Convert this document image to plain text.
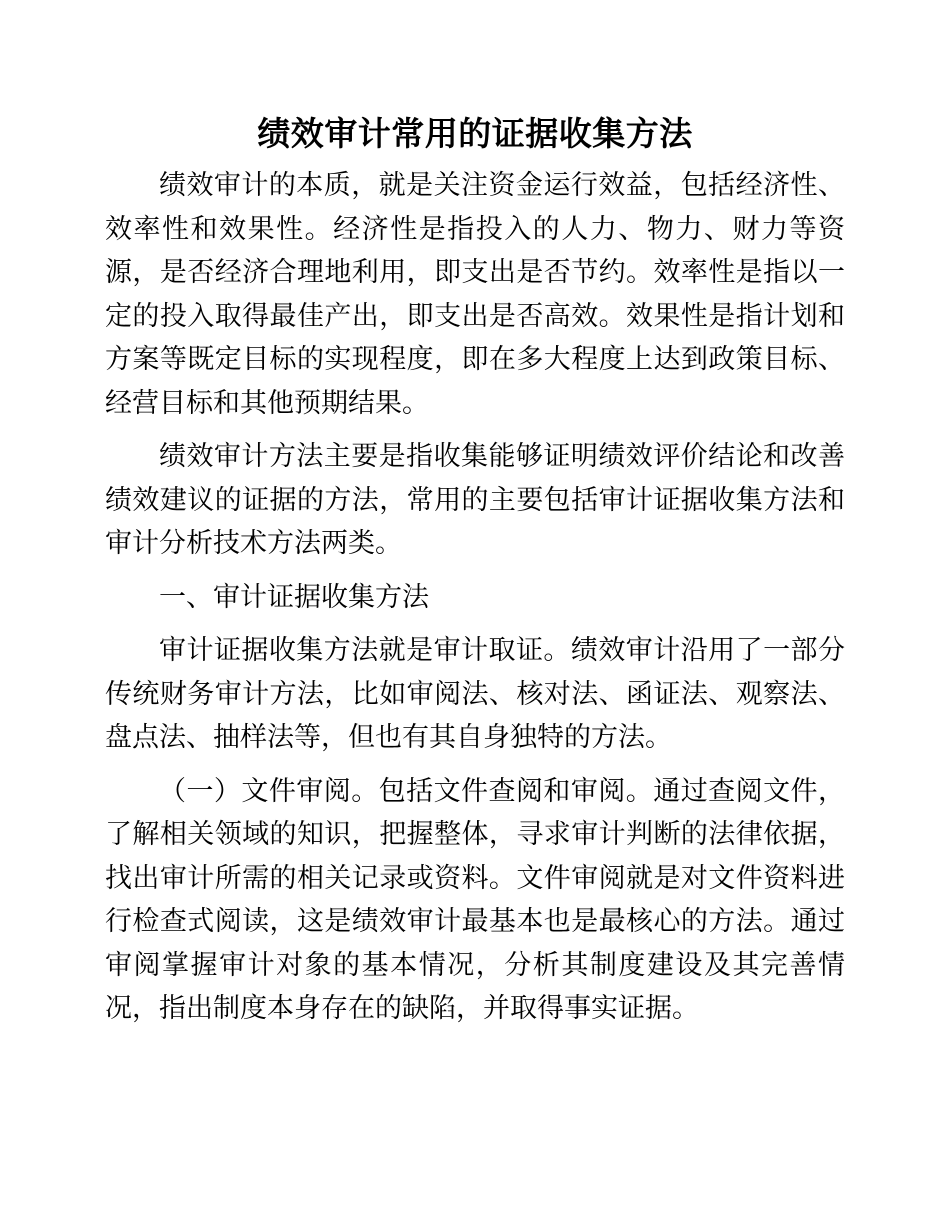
绩效审计常用的证据收集方法

绩效审计的本质，就是关注资金运行效益，包括经济性、效率性和效果性。经济性是指投入的人力、物力、财力等资源，是否经济合理地利用，即支出是否节约。效率性是指以一定的投入取得最佳产出，即支出是否高效。效果性是指计划和方案等既定目标的实现程度，即在多大程度上达到政策目标、经营目标和其他预期结果。

绩效审计方法主要是指收集能够证明绩效评价结论和改善绩效建议的证据的方法，常用的主要包括审计证据收集方法和审计分析技术方法两类。

一、审计证据收集方法

审计证据收集方法就是审计取证。绩效审计沿用了一部分传统财务审计方法，比如审阅法、核对法、函证法、观察法、盘点法、抽样法等，但也有其自身独特的方法。

（一）文件审阅。包括文件查阅和审阅。通过查阅文件，了解相关领域的知识，把握整体，寻求审计判断的法律依据，找出审计所需的相关记录或资料。文件审阅就是对文件资料进行检查式阅读，这是绩效审计最基本也是最核心的方法。通过审阅掌握审计对象的基本情况，分析其制度建设及其完善情况，指出制度本身存在的缺陷，并取得事实证据。
